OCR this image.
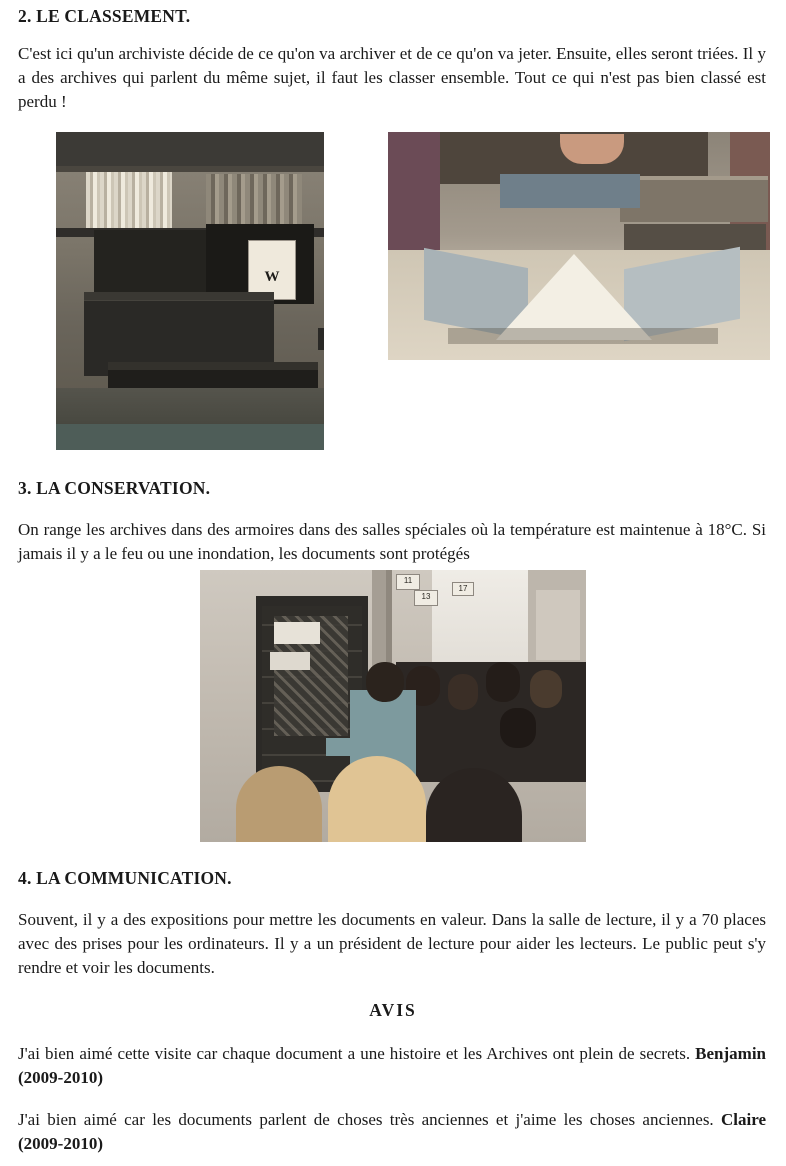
2. LE CLASSEMENT.

C'est ici qu'un archiviste décide de ce qu'on va archiver et de ce qu'on va jeter. Ensuite, elles seront triées. Il y a des archives qui parlent du même sujet, il faut les classer ensemble. Tout ce qui n'est pas bien classé est perdu !

W
3. LA CONSERVATION.

On range les archives dans des armoires dans des salles spéciales où la température est maintenue à 18°C. Si jamais il y a le feu ou une inondation, les documents sont protégés

11
13
17
4. LA COMMUNICATION.

Souvent, il y a des expositions pour mettre les documents en valeur. Dans la salle de lecture, il y a 70 places avec des prises pour les ordinateurs. Il y a un président de lecture pour aider les lecteurs. Le public peut s'y rendre et voir les documents.

AVIS

J'ai bien aimé cette visite car chaque document a une histoire et les Archives ont plein de secrets. Benjamin (2009-2010)

J'ai bien aimé car les documents parlent de choses très anciennes et j'aime les choses anciennes. Claire (2009-2010)
